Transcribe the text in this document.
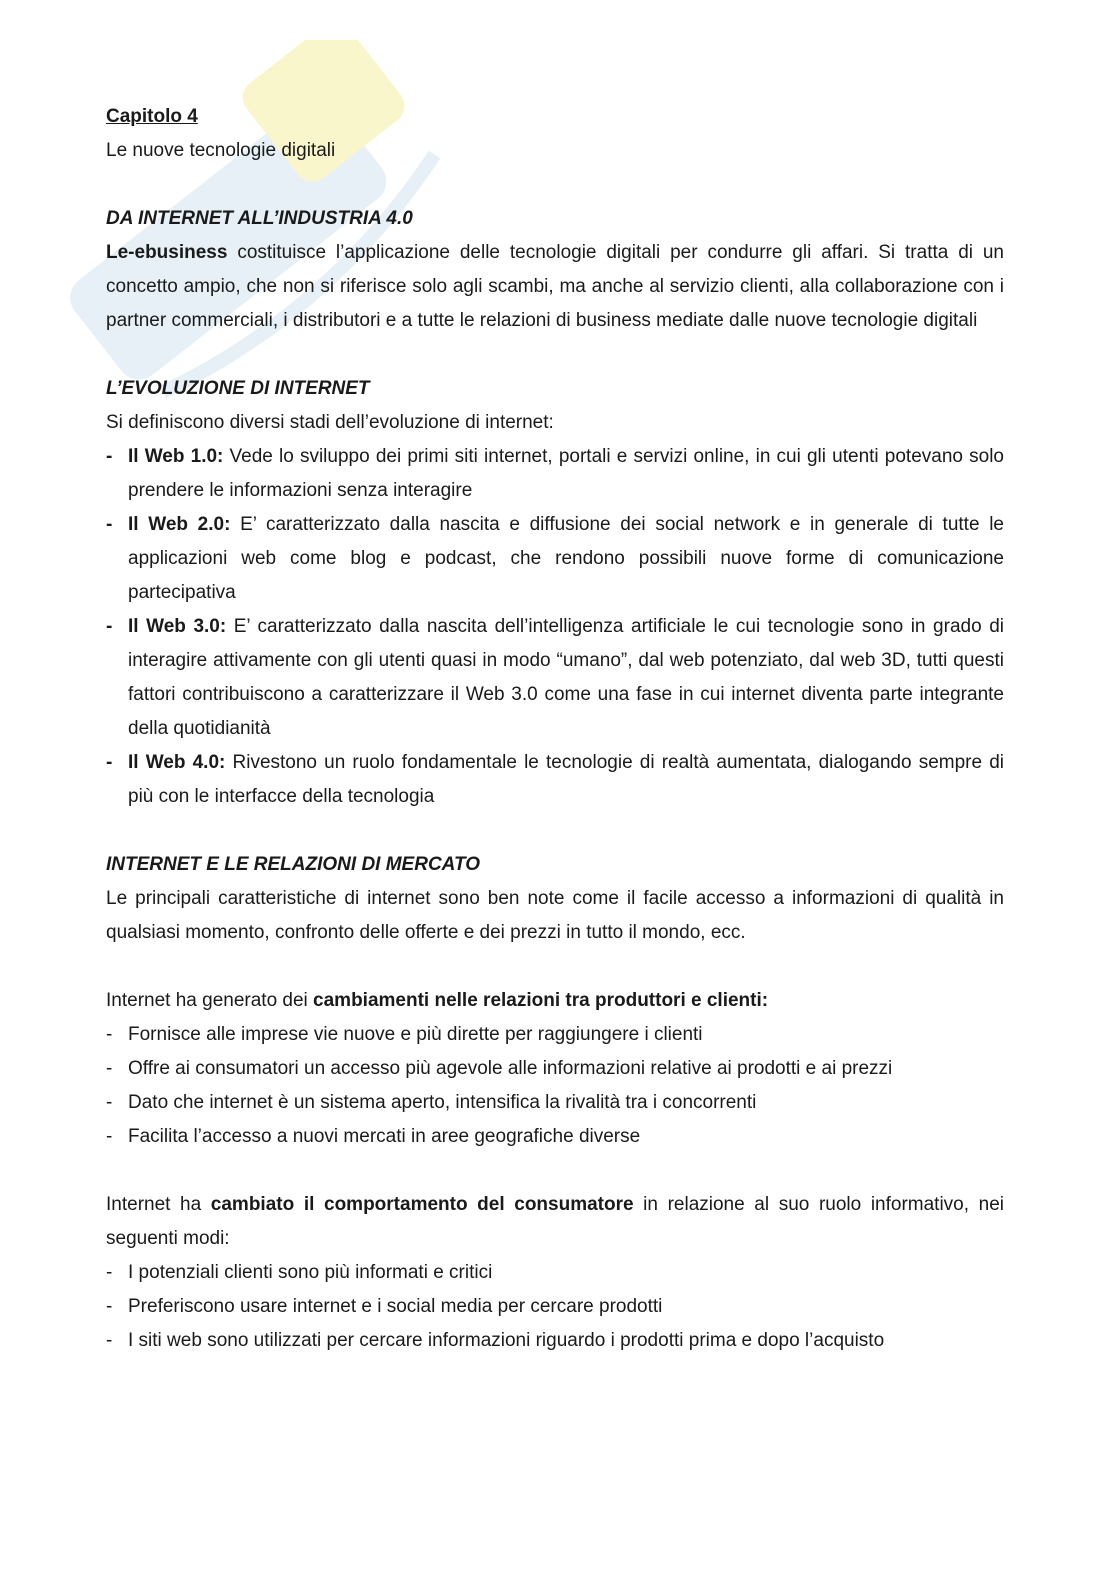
Capitolo 4

Le nuove tecnologie digitali

DA INTERNET ALL’INDUSTRIA 4.0

Le-ebusiness costituisce l’applicazione delle tecnologie digitali per condurre gli affari. Si tratta di un concetto ampio, che non si riferisce solo agli scambi, ma anche al servizio clienti, alla collaborazione con i partner commerciali, i distributori e a tutte le relazioni di business mediate dalle nuove tecnologie digitali

L’EVOLUZIONE DI INTERNET

Si definiscono diversi stadi dell’evoluzione di internet:

- Il Web 1.0: Vede lo sviluppo dei primi siti internet, portali e servizi online, in cui gli utenti potevano solo prendere le informazioni senza interagire
- Il Web 2.0: E’ caratterizzato dalla nascita e diffusione dei social network e in generale di tutte le applicazioni web come blog e podcast, che rendono possibili nuove forme di comunicazione partecipativa
- Il Web 3.0: E’ caratterizzato dalla nascita dell’intelligenza artificiale le cui tecnologie sono in grado di interagire attivamente con gli utenti quasi in modo “umano”, dal web potenziato, dal web 3D, tutti questi fattori contribuiscono a caratterizzare il Web 3.0 come una fase in cui internet diventa parte integrante della quotidianità
- Il Web 4.0: Rivestono un ruolo fondamentale le tecnologie di realtà aumentata, dialogando sempre di più con le interfacce della tecnologia

INTERNET E LE RELAZIONI DI MERCATO

Le principali caratteristiche di internet sono ben note come il facile accesso a informazioni di qualità in qualsiasi momento, confronto delle offerte e dei prezzi in tutto il mondo, ecc.

Internet ha generato dei cambiamenti nelle relazioni tra produttori e clienti:

- Fornisce alle imprese vie nuove e più dirette per raggiungere i clienti
- Offre ai consumatori un accesso più agevole alle informazioni relative ai prodotti e ai prezzi
- Dato che internet è un sistema aperto, intensifica la rivalità tra i concorrenti
- Facilita l’accesso a nuovi mercati in aree geografiche diverse

Internet ha cambiato il comportamento del consumatore in relazione al suo ruolo informativo, nei seguenti modi:

- I potenziali clienti sono più informati e critici
- Preferiscono usare internet e i social media per cercare prodotti
- I siti web sono utilizzati per cercare informazioni riguardo i prodotti prima e dopo l’acquisto
